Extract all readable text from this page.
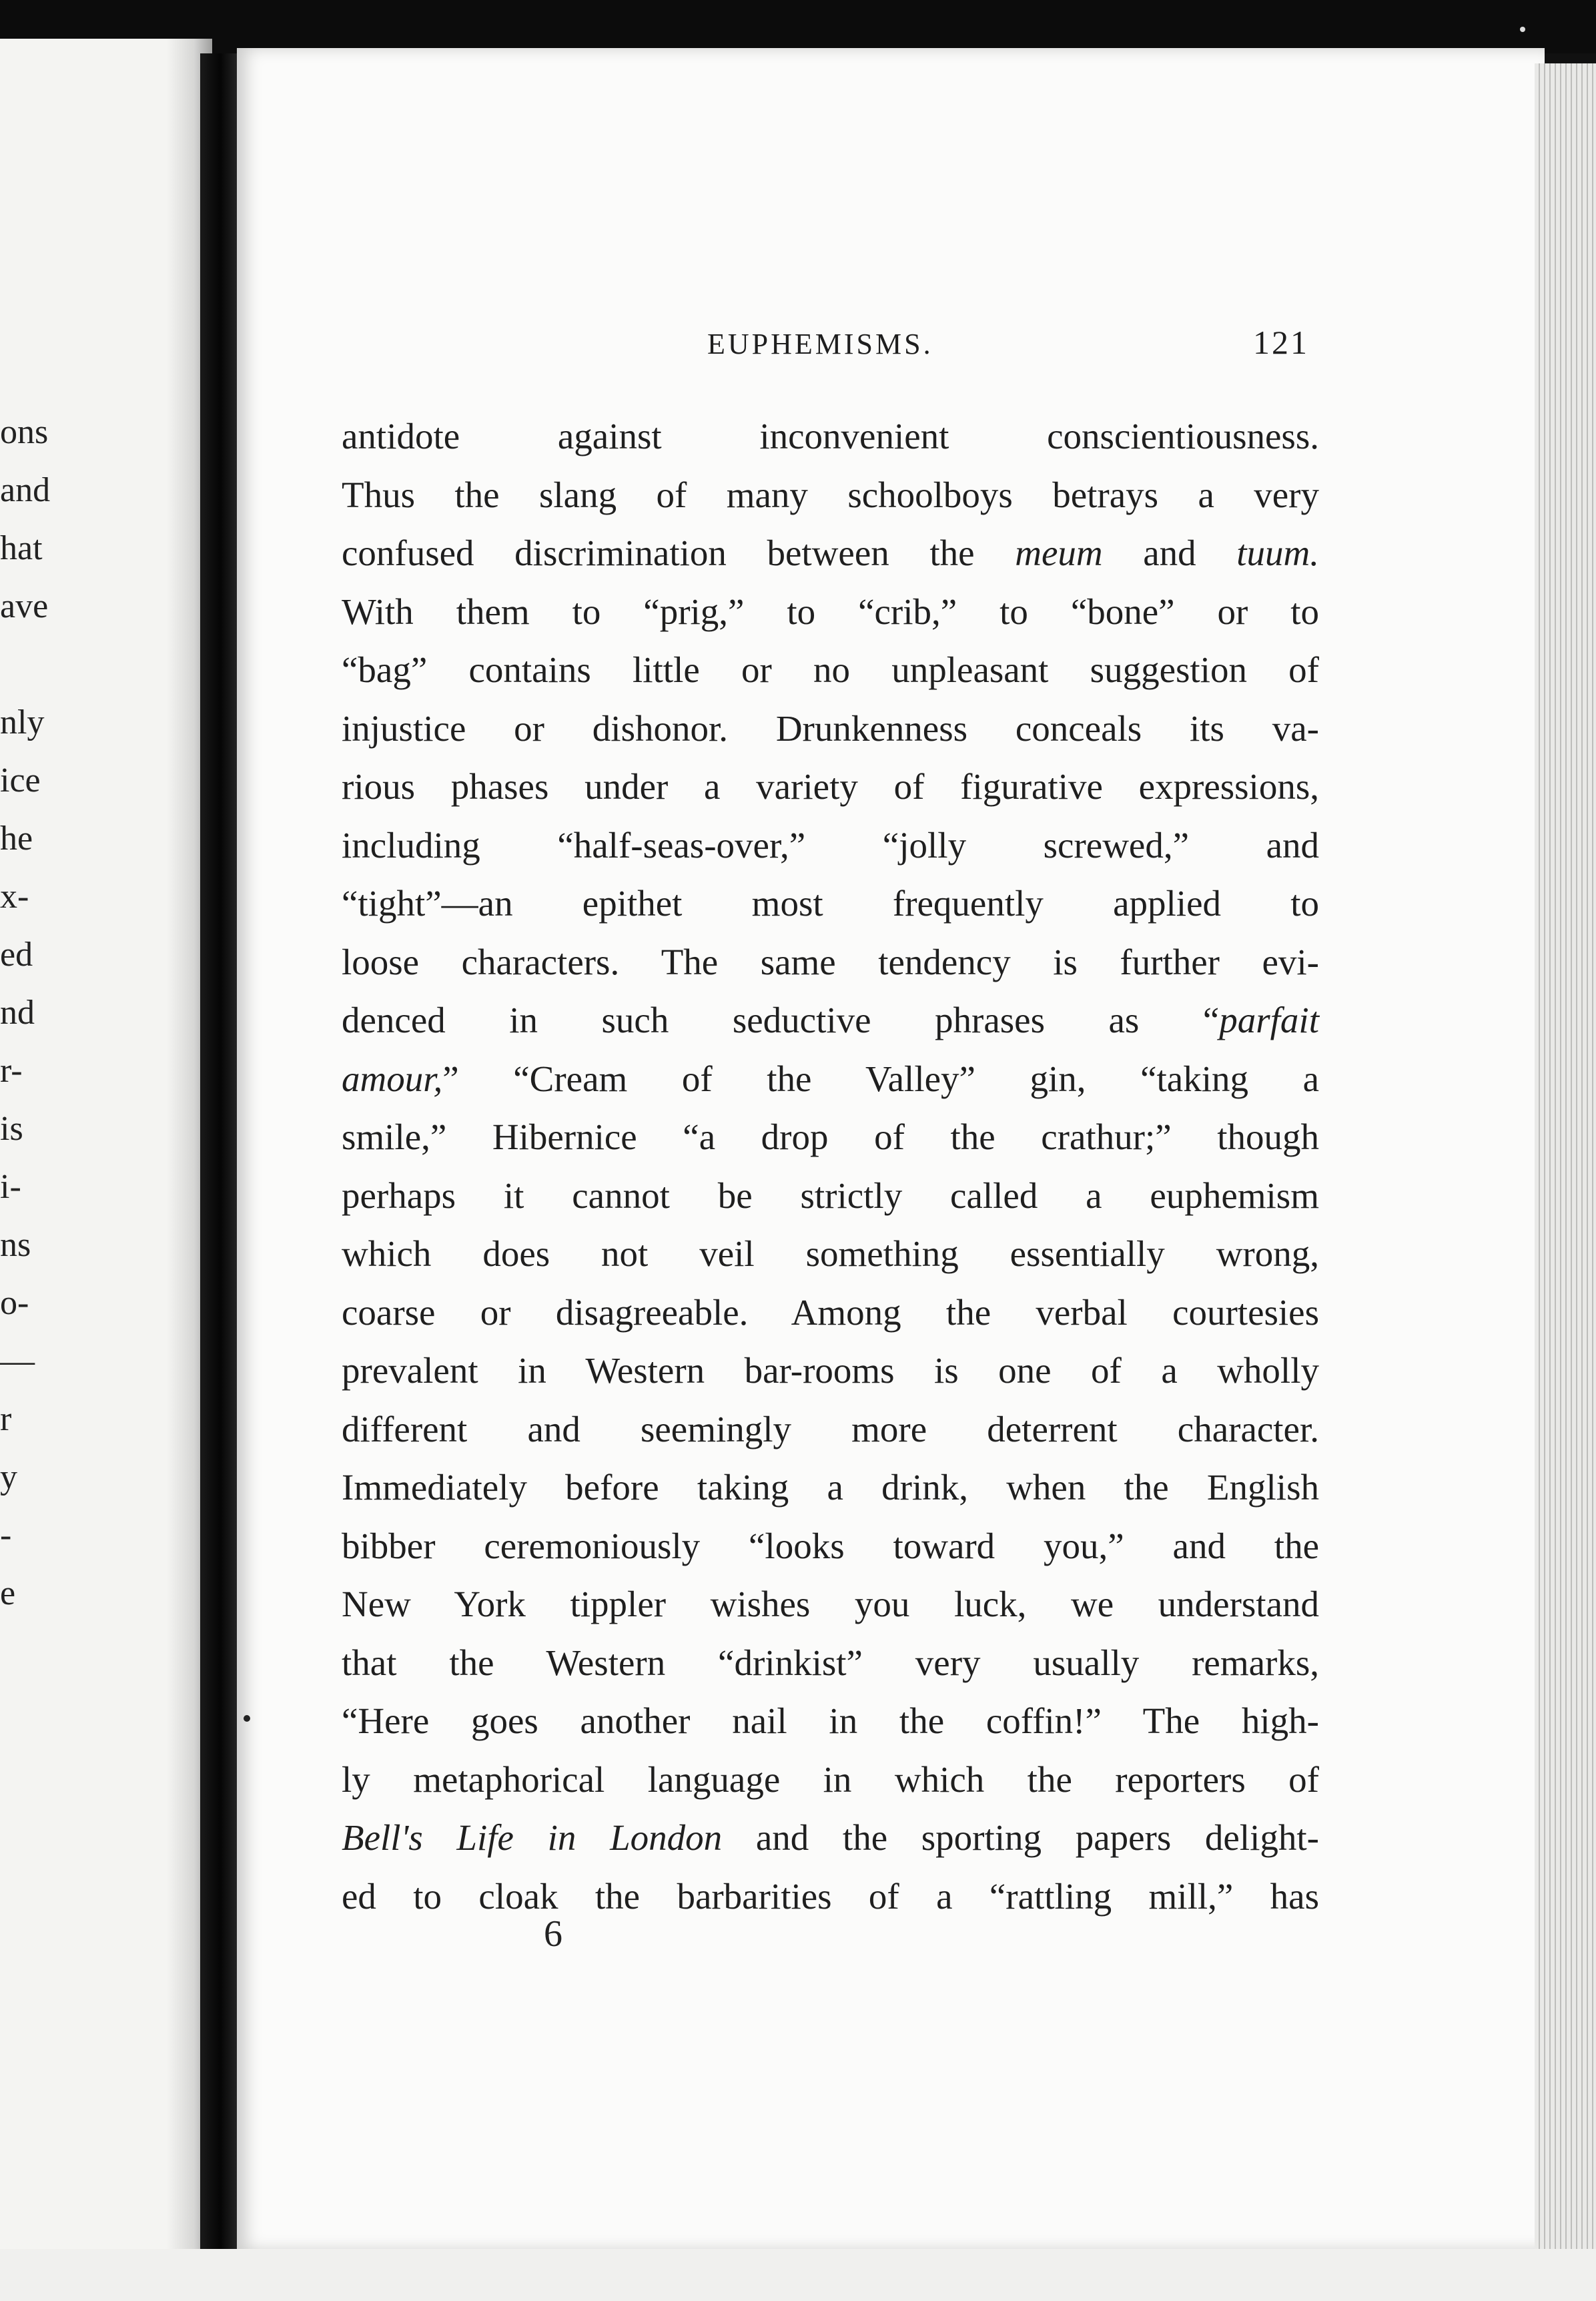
ons
and
hat
ave
nly
ice
he
x-
ed
nd
r-
is
i-
ns
o-
—
r
y
-
e
EUPHEMISMS.	121
antidote against inconvenient conscientiousness.
Thus the slang of many schoolboys betrays a very
confused discrimination between the meum and tuum.
With them to “prig,” to “crib,” to “bone” or to
“bag” contains little or no unpleasant suggestion of
injustice or dishonor. Drunkenness conceals its va-
rious phases under a variety of figurative expressions,
including “half-seas-over,” “jolly screwed,” and
“tight”—an epithet most frequently applied to
loose characters. The same tendency is further evi-
denced in such seductive phrases as “parfait
amour,” “Cream of the Valley” gin, “taking a
smile,” Hibernice “a drop of the crathur;” though
perhaps it cannot be strictly called a euphemism
which does not veil something essentially wrong,
coarse or disagreeable. Among the verbal courtesies
prevalent in Western bar-rooms is one of a wholly
different and seemingly more deterrent character.
Immediately before taking a drink, when the English
bibber ceremoniously “looks toward you,” and the
New York tippler wishes you luck, we understand
that the Western “drinkist” very usually remarks,
“Here goes another nail in the coffin!” The high-
ly metaphorical language in which the reporters of
Bell's Life in London and the sporting papers delight-
ed to cloak the barbarities of a “rattling mill,” has
6
